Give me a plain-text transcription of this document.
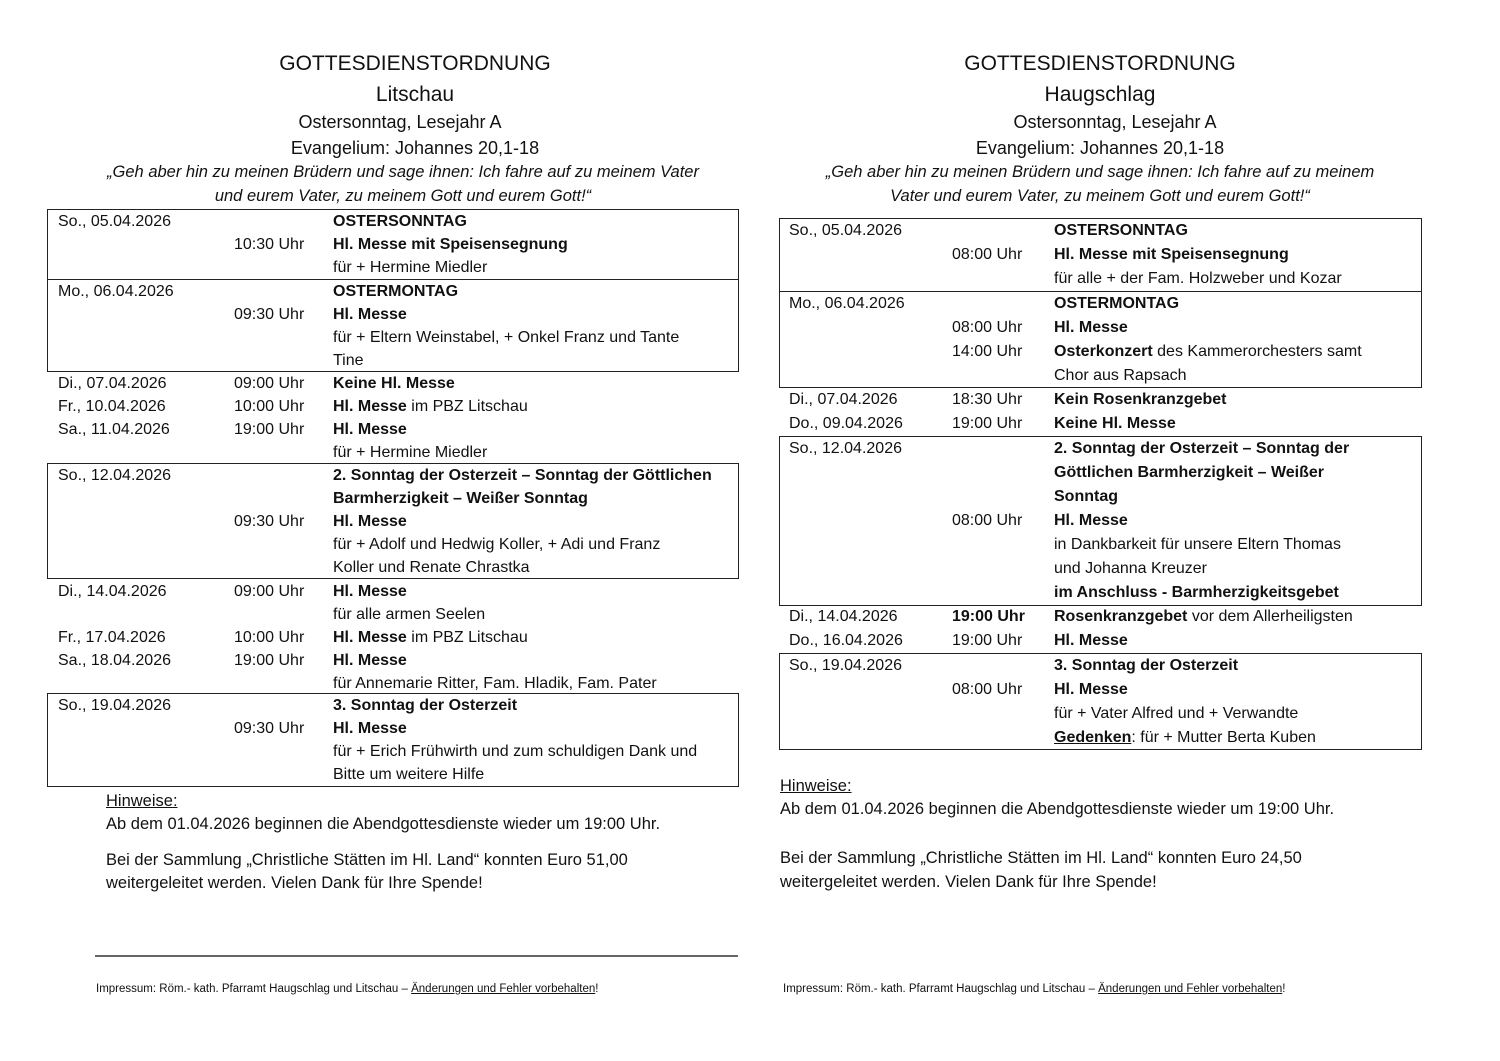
GOTTESDIENSTORDNUNG
Litschau
Ostersonntag, Lesejahr A
Evangelium: Johannes 20,1-18
„Geh aber hin zu meinen Brüdern und sage ihnen: Ich fahre auf zu meinem Vater
und eurem Vater, zu meinem Gott und eurem Gott!“
So., 05.04.2026	OSTERSONNTAG
10:30 Uhr Hl. Messe mit Speisensegnung
für + Hermine Miedler
Mo., 06.04.2026	OSTERMONTAG
09:30 Uhr Hl. Messe
für + Eltern Weinstabel, + Onkel Franz und Tante
Tine
Di., 07.04.2026	09:00 Uhr Keine Hl. Messe
Fr., 10.04.2026	10:00 Uhr Hl. Messe im PBZ Litschau
Sa., 11.04.2026	19:00 Uhr Hl. Messe
für + Hermine Miedler
So., 12.04.2026	2. Sonntag der Osterzeit – Sonntag der Göttlichen
Barmherzigkeit – Weißer Sonntag
09:30 Uhr Hl. Messe
für + Adolf und Hedwig Koller, + Adi und Franz
Koller und Renate Chrastka
Di., 14.04.2026	09:00 Uhr Hl. Messe
für alle armen Seelen
Fr., 17.04.2026	10:00 Uhr Hl. Messe im PBZ Litschau
Sa., 18.04.2026	19:00 Uhr Hl. Messe
für Annemarie Ritter, Fam. Hladik, Fam. Pater
So., 19.04.2026	3. Sonntag der Osterzeit
09:30 Uhr Hl. Messe
für + Erich Frühwirth und zum schuldigen Dank und
Bitte um weitere Hilfe
Hinweise:
Ab dem 01.04.2026 beginnen die Abendgottesdienste wieder um 19:00 Uhr.
Bei der Sammlung „Christliche Stätten im Hl. Land“ konnten Euro 51,00
weitergeleitet werden. Vielen Dank für Ihre Spende!
Impressum: Röm.- kath. Pfarramt Haugschlag und Litschau – Änderungen und Fehler vorbehalten!
GOTTESDIENSTORDNUNG
Haugschlag
Ostersonntag, Lesejahr A
Evangelium: Johannes 20,1-18
„Geh aber hin zu meinen Brüdern und sage ihnen: Ich fahre auf zu meinem
Vater und eurem Vater, zu meinem Gott und eurem Gott!“
So., 05.04.2026	OSTERSONNTAG
08:00 Uhr Hl. Messe mit Speisensegnung
für alle + der Fam. Holzweber und Kozar
Mo., 06.04.2026	OSTERMONTAG
08:00 Uhr Hl. Messe
14:00 Uhr Osterkonzert des Kammerorchesters samt
Chor aus Rapsach
Di., 07.04.2026	18:30 Uhr Kein Rosenkranzgebet
Do., 09.04.2026	19:00 Uhr Keine Hl. Messe
So., 12.04.2026	2. Sonntag der Osterzeit – Sonntag der
Göttlichen Barmherzigkeit – Weißer
Sonntag
08:00 Uhr Hl. Messe
in Dankbarkeit für unsere Eltern Thomas
und Johanna Kreuzer
im Anschluss - Barmherzigkeitsgebet
Di., 14.04.2026	19:00 Uhr Rosenkranzgebet vor dem Allerheiligsten
Do., 16.04.2026	19:00 Uhr Hl. Messe
So., 19.04.2026	3. Sonntag der Osterzeit
08:00 Uhr Hl. Messe
für + Vater Alfred und + Verwandte
Gedenken: für + Mutter Berta Kuben
Hinweise:
Ab dem 01.04.2026 beginnen die Abendgottesdienste wieder um 19:00 Uhr.
Bei der Sammlung „Christliche Stätten im Hl. Land“ konnten Euro 24,50
weitergeleitet werden. Vielen Dank für Ihre Spende!
Impressum: Röm.- kath. Pfarramt Haugschlag und Litschau – Änderungen und Fehler vorbehalten!
